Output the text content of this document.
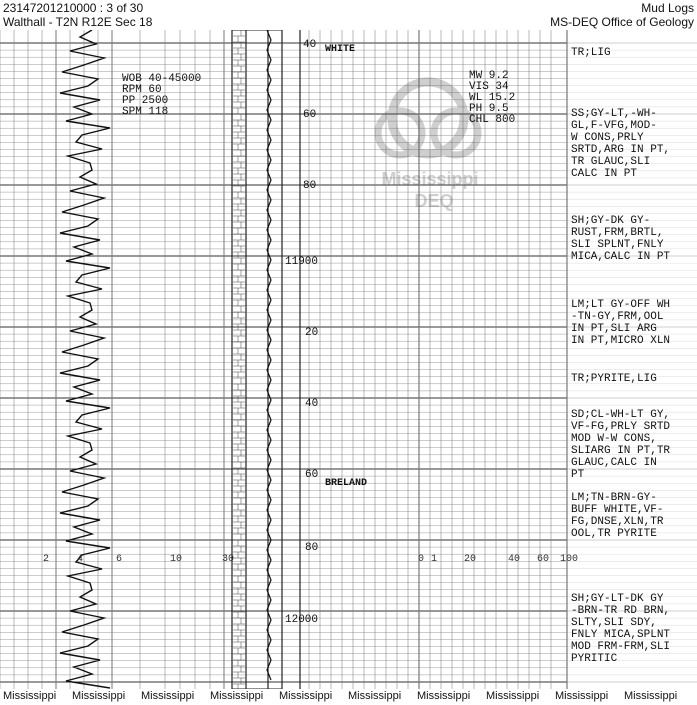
23147201210000 : 3 of 30
Walthall - T2N R12E Sec 18
Mud Logs
MS-DEQ Office of Geology
40
60
80
11900
20
40
60
80
12000
Mississippi
DEQ
WOB 40-45000
RPM 60
PP 2500
SPM 118
MW 9.2
VIS 34
WL 15.2
PH 9.5
CHL 800
WHITE
BRELAND
2	4	6	10	30	0 1	20	40 60 100
TR;LIG
SS;GY-LT,-WH- GL,F-VFG,MOD- W CONS,PRLY SRTD,ARG IN PT, TR GLAUC,SLI CALC IN PT
SH;GY-DK GY- RUST,FRM,BRTL, SLI SPLNT,FNLY MICA,CALC IN PT
LM;LT GY-OFF WH -TN-GY,FRM,OOL IN PT,SLI ARG IN PT,MICRO XLN
TR;PYRITE,LIG
SD;CL-WH-LT GY, VF-FG,PRLY SRTD MOD W-W CONS, SLIARG IN PT,TR GLAUC,CALC IN PT
LM;TN-BRN-GY- BUFF WHITE,VF- FG,DNSE,XLN,TR OOL,TR PYRITE
SH;GY-LT-DK GY -BRN-TR RD BRN, SLTY,SLI SDY, FNLY MICA,SPLNT MOD FRM-FRM,SLI PYRITIC
Mississippi Mississippi Mississippi Mississippi Mississippi Mississippi Mississippi Mississippi Mississippi Mississippi
